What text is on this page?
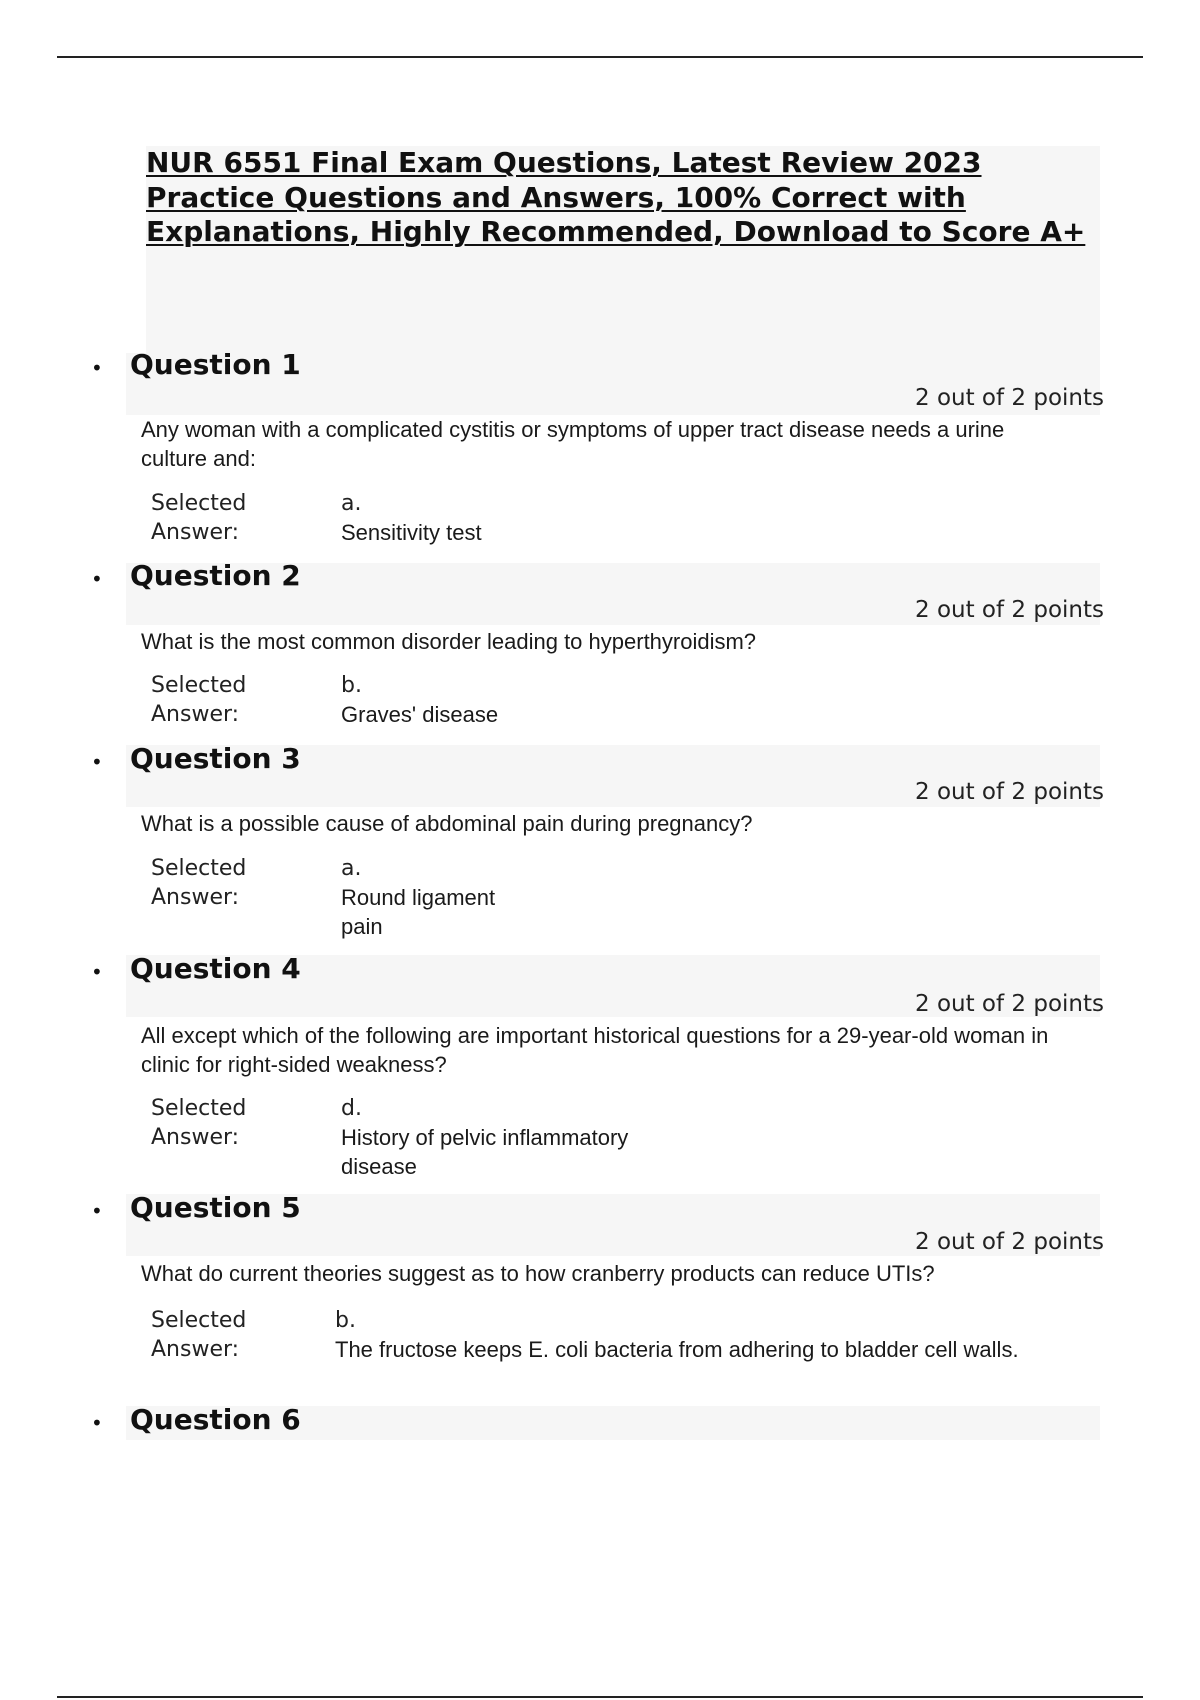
NUR 6551 Final Exam Questions, Latest Review 2023 Practice Questions and Answers, 100% Correct with Explanations, Highly Recommended, Download to Score A+
• Question 1
2 out of 2 points
Any woman with a complicated cystitis or symptoms of upper tract disease needs a urine culture and:
Selected
Answer:
a.
Sensitivity test
• Question 2
2 out of 2 points
What is the most common disorder leading to hyperthyroidism?
Selected
Answer:
b.
Graves' disease
• Question 3
2 out of 2 points
What is a possible cause of abdominal pain during pregnancy?
Selected
Answer:
a.
Round ligament pain
• Question 4
2 out of 2 points
All except which of the following are important historical questions for a 29-year-old woman in clinic for right-sided weakness?
Selected
Answer:
d.
History of pelvic inflammatory disease
• Question 5
2 out of 2 points
What do current theories suggest as to how cranberry products can reduce UTIs?
Selected
Answer:
b.
The fructose keeps E. coli bacteria from adhering to bladder cell walls.
• Question 6
